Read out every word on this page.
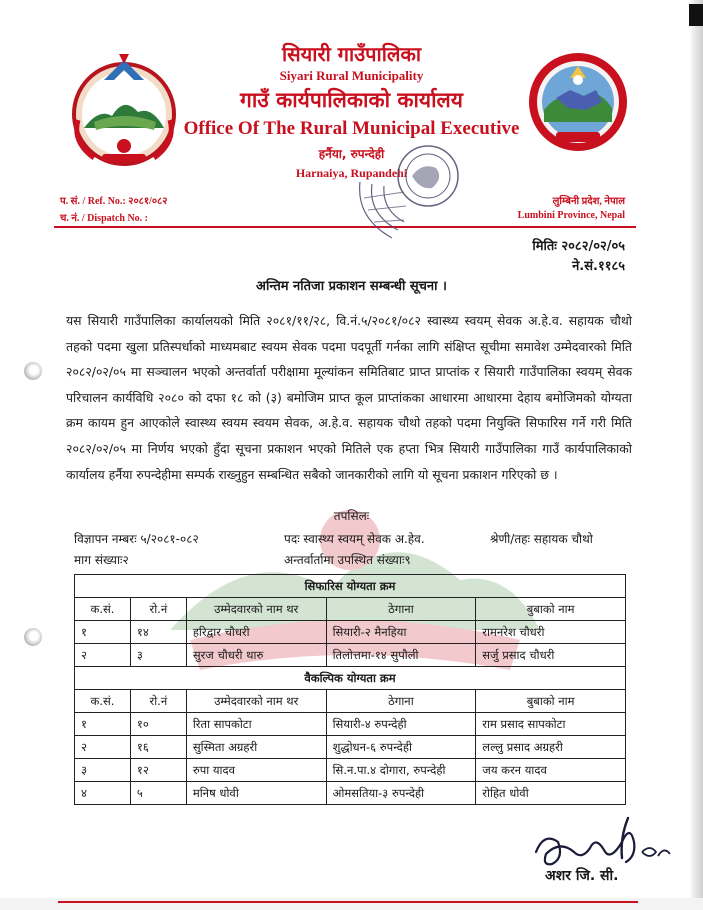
सियारी गाउँपालिका
Siyari Rural Municipality
गाउँ कार्यपालिकाको कार्यालय
Office Of The Rural Municipal Executive
हर्नैया, रुपन्देही
Harnaiya, Rupandehi
प. सं. / Ref. No.: २०८१/०८२
च. नं. / Dispatch No. :
लुम्बिनी प्रदेश, नेपाल
Lumbini Province, Nepal
मितिः २०८२/०२/०५
ने.सं.११८५
अन्तिम नतिजा प्रकाशन सम्बन्धी सूचना ।
यस सियारी गाउँपालिका कार्यालयको मिति २०८१/११/२८, वि.नं.५/२०८१/०८२ स्वास्थ्य स्वयम् सेवक अ.हे.व. सहायक चौथो तहको पदमा खुला प्रतिस्पर्धाको माध्यमबाट स्वयम सेवक पदमा पदपूर्ती गर्नका लागि संक्षिप्त सूचीमा समावेश उम्मेदवारको मिति २०८२/०२/०५ मा सञ्चालन भएको अन्तर्वार्ता परीक्षामा मूल्यांकन समितिबाट प्राप्त प्राप्तांक र सियारी गाउँपालिका स्वयम् सेवक परिचालन कार्यविधि २०८० को दफा १८ को (३) बमोजिम प्राप्त कूल प्राप्तांकका आधारमा आधारमा देहाय बमोजिमको योग्यता क्रम कायम हुन आएकोले स्वास्थ्य स्वयम स्वयम सेवक, अ.हे.व. सहायक चौथो तहको पदमा नियुक्ति सिफारिस गर्ने गरी मिति २०८२/०२/०५ मा निर्णय भएको हुँदा सूचना प्रकाशन भएको मितिले एक हप्ता भित्र सियारी गाउँपालिका गाउँ कार्यपालिकाको कार्यालय हर्नैया रुपन्देहीमा सम्पर्क राख्नुहुन सम्बन्धित सबैको जानकारीको लागि यो सूचना प्रकाशन गरिएको छ ।
तपसिलः
विज्ञापन नम्बरः ५/२०८१-०८२	पदः स्वास्थ्य स्वयम् सेवक अ.हेव.	श्रेणी/तहः सहायक चौथो
माग संख्याः२	अन्तर्वार्तामा उपस्थित संख्याः९
सिफारिस योग्यता क्रम				
क.सं.	रो.नं	उम्मेदवारको नाम थर	ठेगाना	बुबाको नाम
१	१४	हरिद्वार चौधरी	सियारी-२ मैनहिया	रामनरेश चौधरी
२	३	सुरज चौधरी थारु	तिलोत्तमा-१४ सुपौली	सर्जु प्रसाद चौधरी
वैकल्पिक योग्यता क्रम				
क.सं.	रो.नं	उम्मेदवारको नाम थर	ठेगाना	बुबाको नाम
१	१०	रिता सापकोटा	सियारी-४ रुपन्देही	राम प्रसाद सापकोटा
२	१६	सुस्मिता अग्रहरी	शुद्धोधन-६ रुपन्देही	लल्लु प्रसाद अग्रहरी
३	१२	रुपा यादव	सि.न.पा.४ दोगारा, रुपन्देही	जय करन यादव
४	५	मनिष धोवी	ओमसतिया-३ रुपन्देही	रोहित धोवी
अशर जि. सी.
